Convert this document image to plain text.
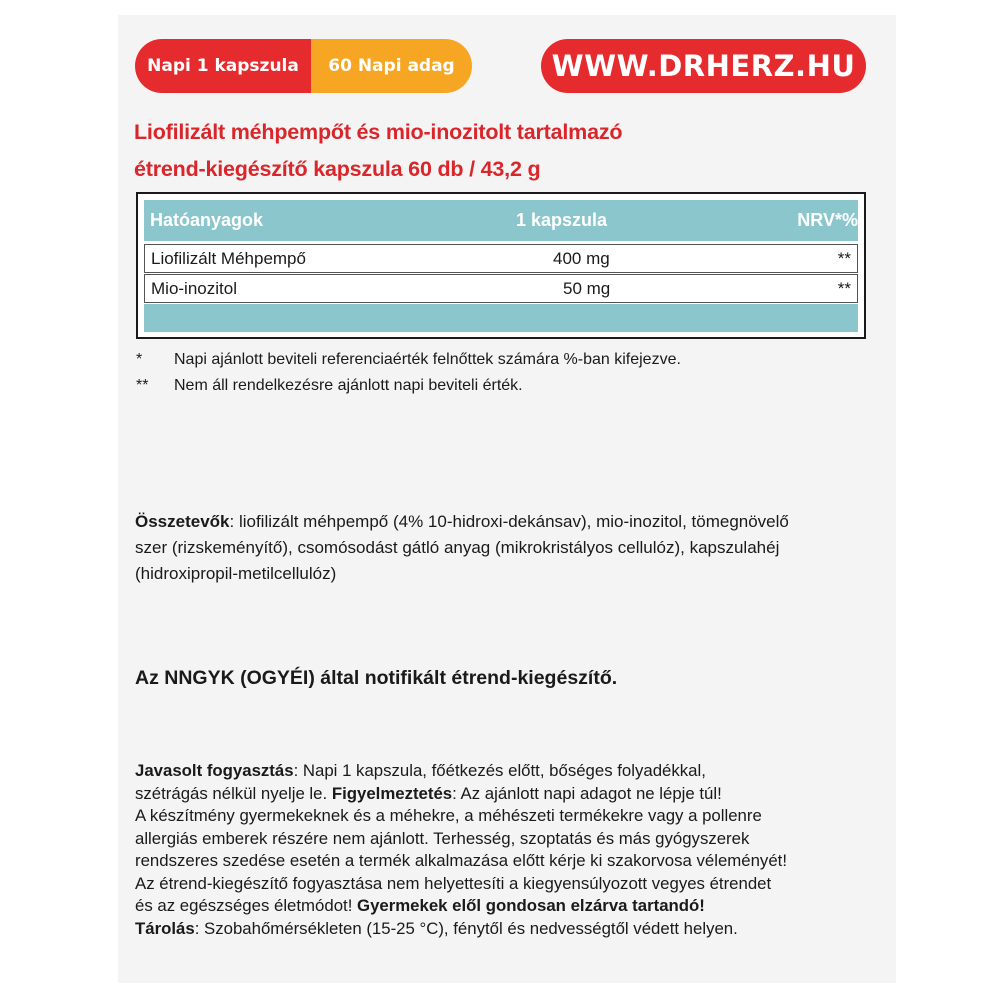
Napi 1 kapszula	60 Napi adag	WWW.DRHERZ.HU
Liofilizált méhpempőt és mio-inozitolt tartalmazó
étrend-kiegészítő kapszula 60 db / 43,2 g
Hatóanyagok	1 kapszula	NRV*%
Liofilizált Méhpempő	400 mg	**
Mio-inozitol	50 mg	**
* Napi ajánlott beviteli referenciaérték felnőttek számára %-ban kifejezve.
** Nem áll rendelkezésre ajánlott napi beviteli érték.
Összetevők: liofilizált méhpempő (4% 10-hidroxi-dekánsav), mio-inozitol, tömegnövelő
szer (rizskeményítő), csomósodást gátló anyag (mikrokristályos cellulóz), kapszulahéj
(hidroxipropil-metilcellulóz)
Az NNGYK (OGYÉI) által notifikált étrend-kiegészítő.
Javasolt fogyasztás: Napi 1 kapszula, főétkezés előtt, bőséges folyadékkal,
szétrágás nélkül nyelje le. Figyelmeztetés: Az ajánlott napi adagot ne lépje túl!
A készítmény gyermekeknek és a méhekre, a méhészeti termékekre vagy a pollenre
allergiás emberek részére nem ajánlott. Terhesség, szoptatás és más gyógyszerek
rendszeres szedése esetén a termék alkalmazása előtt kérje ki szakorvosa véleményét!
Az étrend-kiegészítő fogyasztása nem helyettesíti a kiegyensúlyozott vegyes étrendet
és az egészséges életmódot! Gyermekek elől gondosan elzárva tartandó!
Tárolás: Szobahőmérsékleten (15-25 °C), fénytől és nedvességtől védett helyen.
